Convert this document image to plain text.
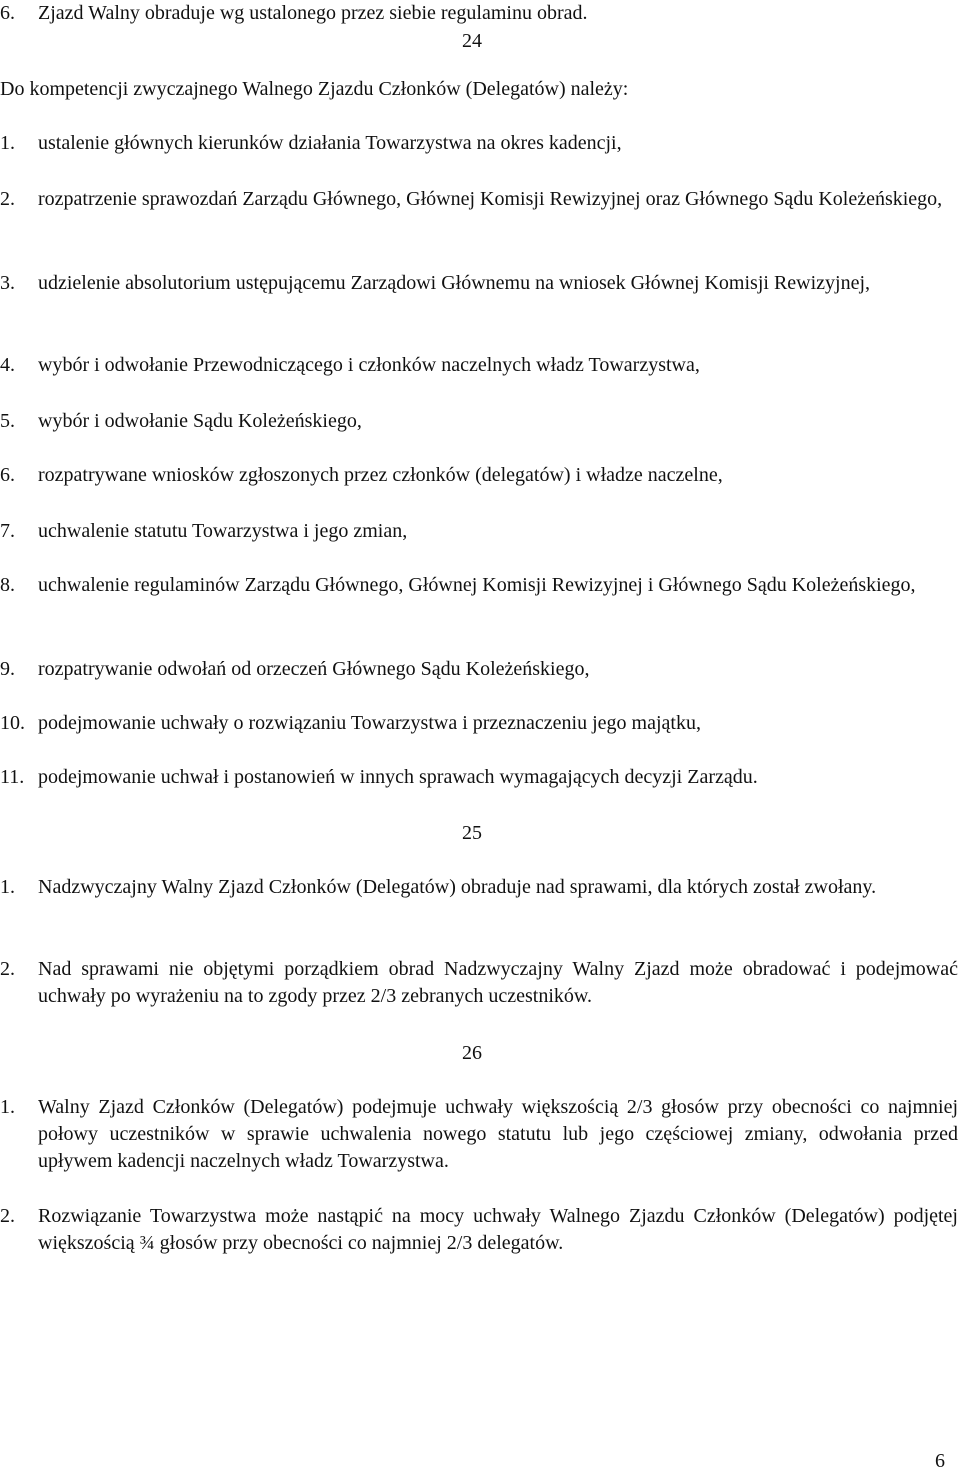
6.	Zjazd Walny obraduje wg ustalonego przez siebie regulaminu obrad.
24
Do kompetencji zwyczajnego Walnego Zjazdu Członków (Delegatów) należy:
1.	ustalenie głównych kierunków działania Towarzystwa na okres kadencji,
2.	rozpatrzenie sprawozdań Zarządu Głównego, Głównej Komisji Rewizyjnej oraz Głównego Sądu Koleżeńskiego,
3.	udzielenie absolutorium ustępującemu Zarządowi Głównemu na wniosek Głównej Komisji Rewizyjnej,
4.	wybór i odwołanie Przewodniczącego i członków naczelnych władz Towarzystwa,
5.	wybór i odwołanie Sądu Koleżeńskiego,
6.	rozpatrywane wniosków zgłoszonych przez członków (delegatów) i władze naczelne,
7.	uchwalenie statutu Towarzystwa i jego zmian,
8.	uchwalenie regulaminów Zarządu Głównego, Głównej Komisji Rewizyjnej i Głównego Sądu Koleżeńskiego,
9.	rozpatrywanie odwołań od orzeczeń Głównego Sądu Koleżeńskiego,
10. podejmowanie uchwały o rozwiązaniu Towarzystwa i przeznaczeniu jego majątku,
11. podejmowanie uchwał i postanowień w innych sprawach wymagających decyzji Zarządu.
25
1.	Nadzwyczajny Walny Zjazd Członków (Delegatów) obraduje nad sprawami, dla których został zwołany.
2.	Nad sprawami nie objętymi porządkiem obrad Nadzwyczajny Walny Zjazd może obradować i podejmować uchwały po wyrażeniu na to zgody przez 2/3 zebranych uczestników.
26
1.	Walny Zjazd Członków (Delegatów) podejmuje uchwały większością 2/3 głosów przy obecności co najmniej połowy uczestników w sprawie uchwalenia nowego statutu lub jego częściowej zmiany, odwołania przed upływem kadencji naczelnych władz Towarzystwa.
2.	Rozwiązanie Towarzystwa może nastąpić na mocy uchwały Walnego Zjazdu Członków (Delegatów) podjętej większością ¾ głosów przy obecności co najmniej 2/3 delegatów.
6
